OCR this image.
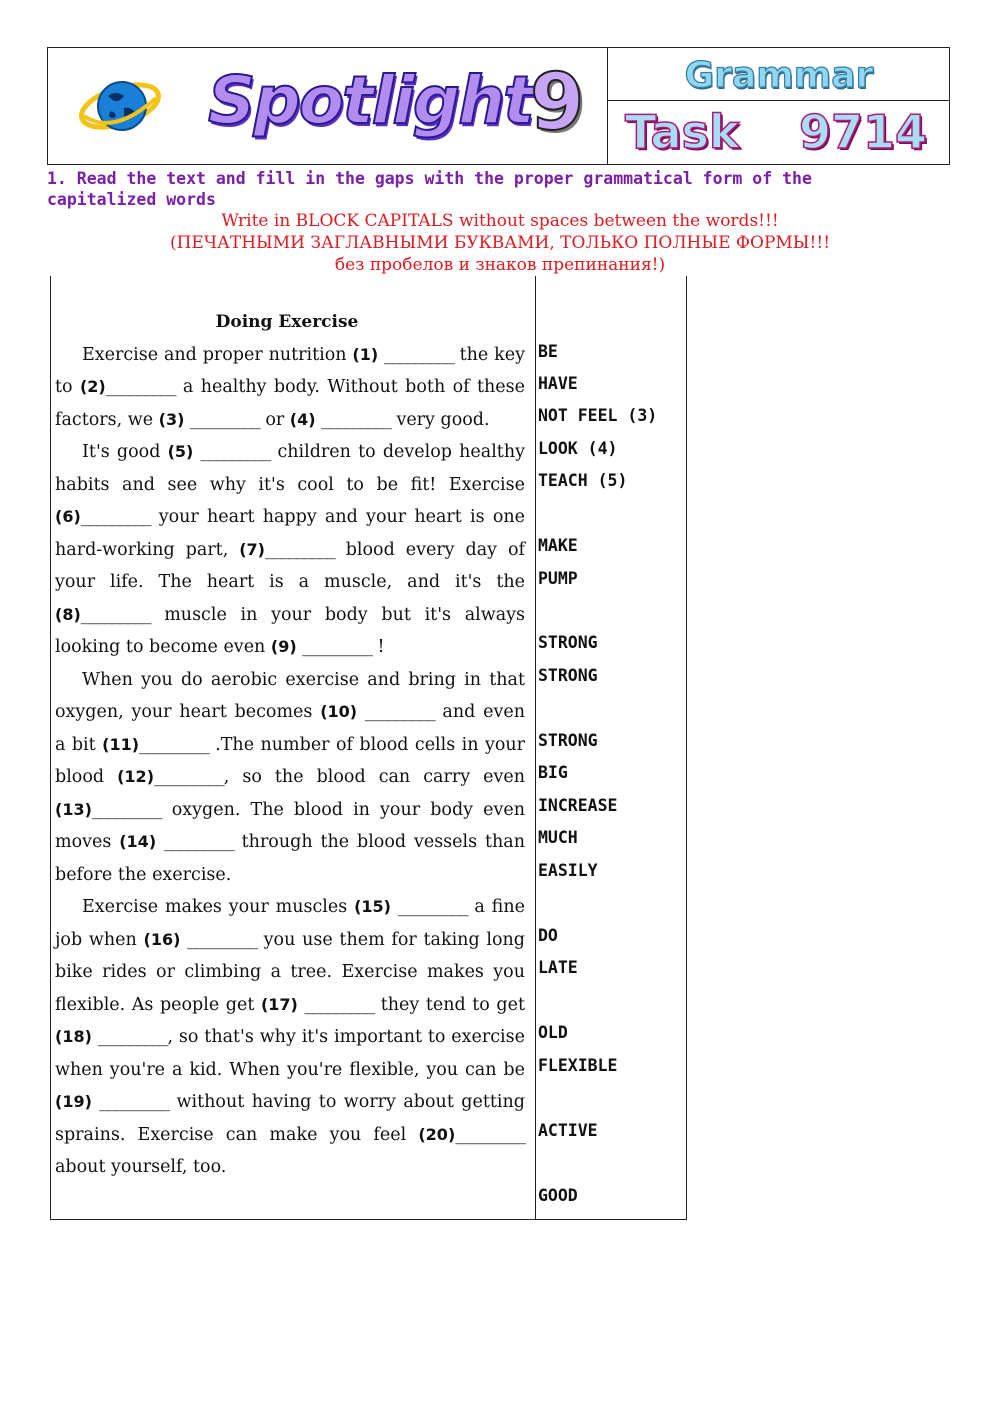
Spotlight
9	Grammar
Task 9714
1. Read the text and fill in the gaps with the proper grammatical form of the capitalized words
Write in BLOCK CAPITALS without spaces between the words!!!
(ПЕЧАТНЫМИ ЗАГЛАВНЫМИ БУКВАМИ, ТОЛЬКО ПОЛНЫЕ ФОРМЫ!!!
без пробелов и знаков препинания!)
Doing Exercise

Exercise and proper nutrition (1) _________ the key to (2)_________ a healthy body. Without both of these factors, we (3) _________ or (4) _________ very good.

It's good (5) _________ children to develop healthy habits and see why it's cool to be fit! Exercise (6)_________ your heart happy and your heart is one hard-working part, (7)_________ blood every day of your life. The heart is a muscle, and it's the (8)_________ muscle in your body but it's always looking to become even (9) _________ !

When you do aerobic exercise and bring in that oxygen, your heart becomes (10) _________ and even a bit (11)_________ .The number of blood cells in your blood (12)_________, so the blood can carry even (13)_________ oxygen. The blood in your body even moves (14) _________ through the blood vessels than before the exercise.

Exercise makes your muscles (15) _________ a fine job when (16) _________ you use them for taking long bike rides or climbing a tree. Exercise makes you flexible. As people get (17) _________ they tend to get (18) _________, so that's why it's important to exercise when you're a kid. When you're flexible, you can be (19) _________ without having to worry about getting sprains. Exercise can make you feel (20)_________ about yourself, too.

BE
HAVE
NOT FEEL (3)
LOOK (4)
TEACH (5)
MAKE
PUMP
STRONG
STRONG
STRONG
BIG
INCREASE
MUCH
EASILY
DO
LATE
OLD
FLEXIBLE
ACTIVE
GOOD
